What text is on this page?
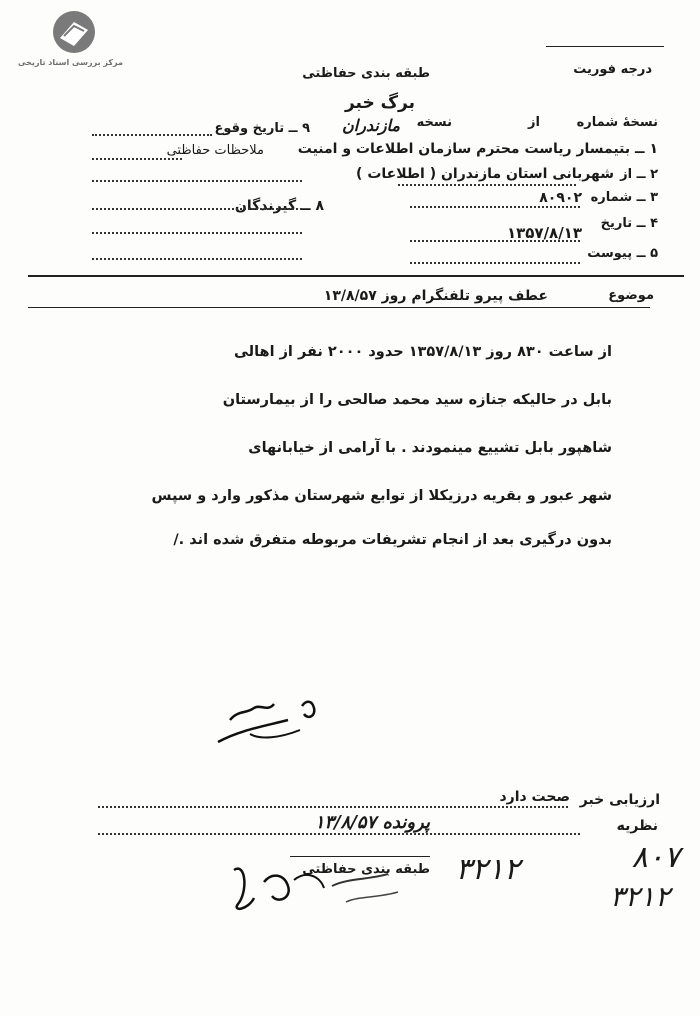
مرکز بررسی اسناد تاریخی	درجه فوریت
طبقه بندی حفاظتی
برگ خبر
نسخهٔ شماره
از
نسخه
مازندران
۹ ــ تاریخ وقوع
۱ ــ بتیمسار ریاست محترم سازمان اطلاعات و امنیت
ملاحظات حفاظتی
۲ ــ از
شهربانی استان مازندران ( اطلاعات )
۳ ــ شماره
۸۰۹۰۲
۸ ــ گیرندگان
۴ ــ تاریخ
۱۳۵۷/۸/۱۳
۵ ــ پیوست
موضوع
عطف پیرو تلفنگرام روز ۱۳/۸/۵۷
از ساعت ۸۳۰ روز ۱۳۵۷/۸/۱۳ حدود ۲۰۰۰ نفر از اهالی
بابل در حالیکه جنازه سید محمد صالحی را از بیمارستان
شاهپور بابل تشییع مینمودند . با آرامی از خیابانهای
شهر عبور و بقریه درزیکلا از توابع شهرستان مذکور وارد و سپس
بدون درگیری بعد از انجام تشریفات مربوطه متفرق شده اند ./
ارزیابی خبر
صحت دارد
نظریه
پرونده ۱۳/۸/۵۷
طبقه بندی حفاظتی	۸۰۷
۳۲۱۲
۳۲۱۲
